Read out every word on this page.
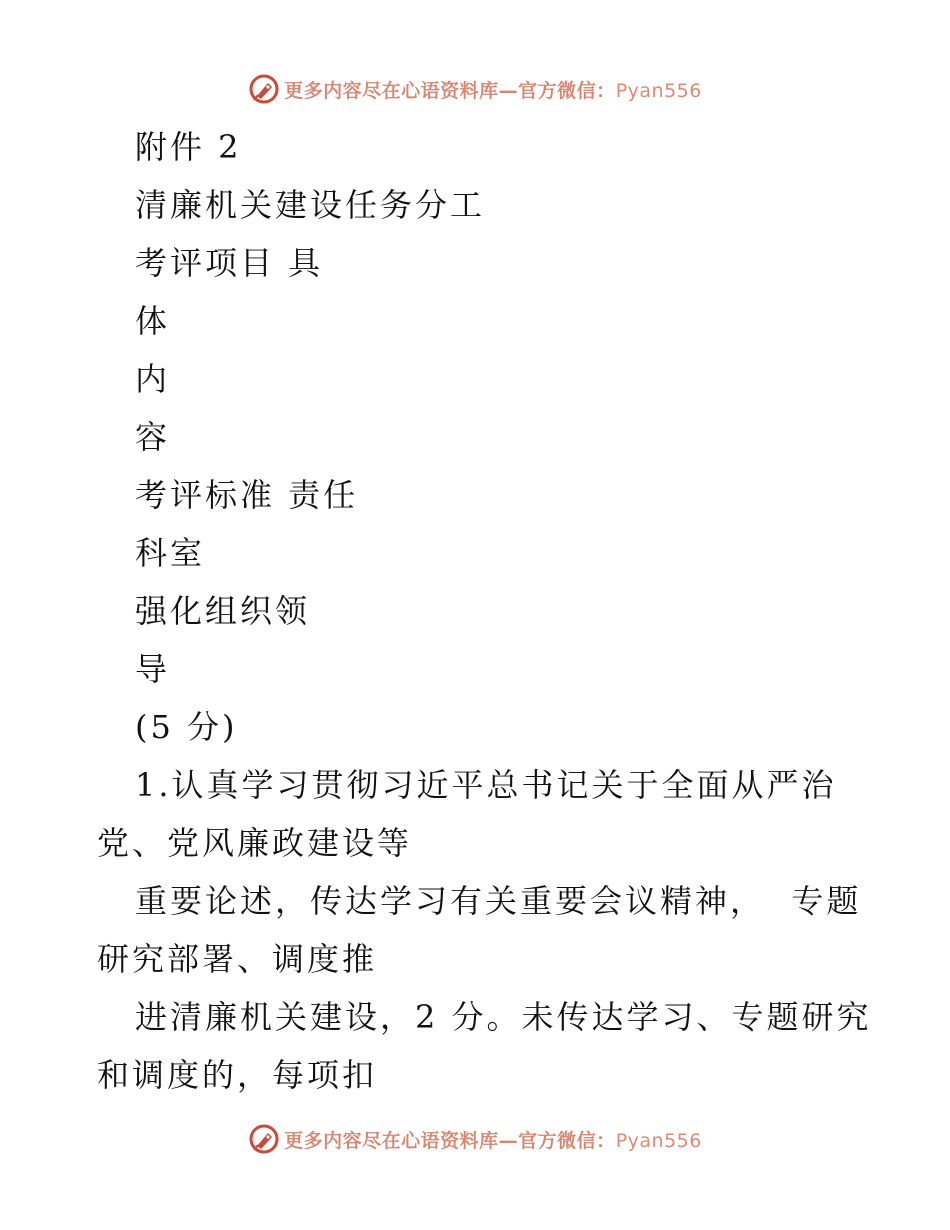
更多内容尽在心语资料库—官方微信：Pyan556
附件 2
清廉机关建设任务分工
考评项目 具
体
内
容
考评标准 责任
科室
强化组织领
导
(5 分)
1.认真学习贯彻习近平总书记关于全面从严治
党、党风廉政建设等
重要论述，传达学习有关重要会议精神，  专题
研究部署、调度推
进清廉机关建设，2 分。未传达学习、专题研究
和调度的，每项扣
更多内容尽在心语资料库—官方微信：Pyan556
